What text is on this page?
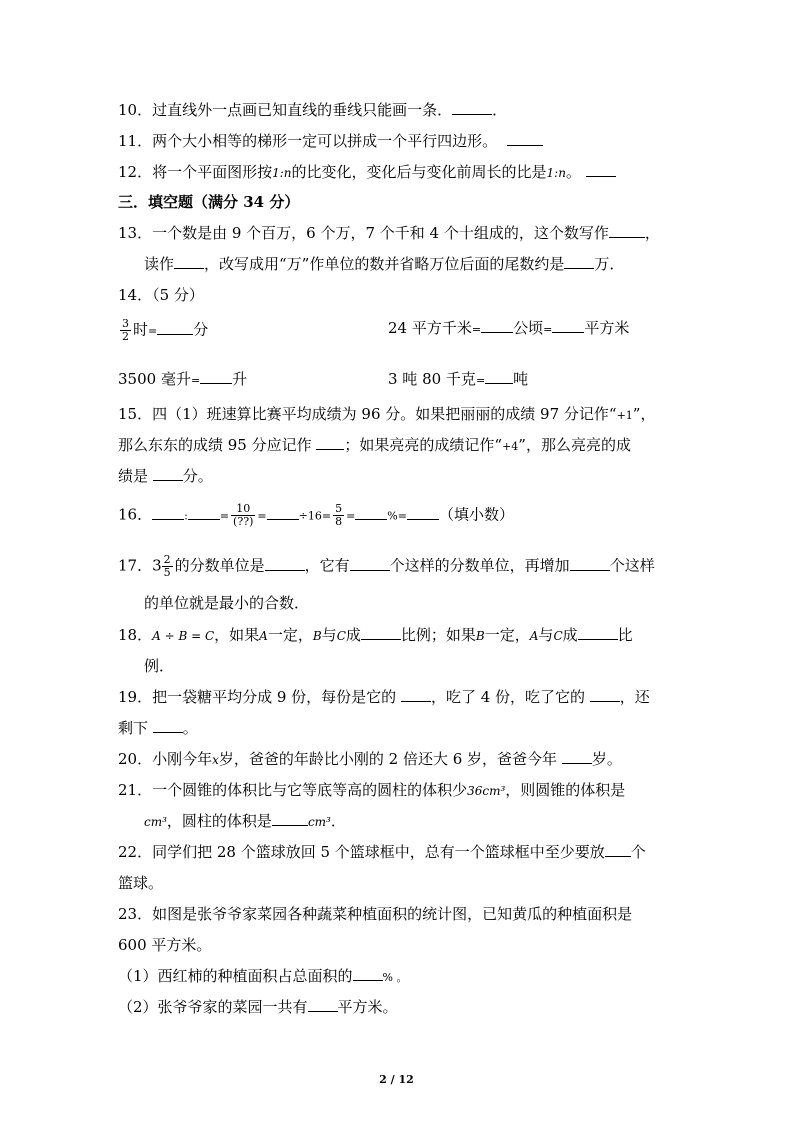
10．过直线外一点画已知直线的垂线只能画一条．	．
11．两个大小相等的梯形一定可以拼成一个平行四边形。
12．将一个平面图形按1:n的比变化，变化后与变化前周长的比是1:n。
三．填空题（满分 34 分）
13．一个数是由 9 个百万，6 个万，7 个千和 4 个十组成的，这个数写作 ，
读作 ，改写成用“万”作单位的数并省略万位后面的尾数约是 万．
14．（5 分）
$\frac{3}{2}$ 时= 分	24 平方千米= 公顷= 平方米
3500 毫升= 升	3 吨 80 千克= 吨
15．四（1）班速算比赛平均成绩为 96 分。如果把丽丽的成绩 97 分记作“+1”，
那么东东的成绩 95 分应记作 ；如果亮亮的成绩记作“+4”，那么亮亮的成
绩是 分。
16．	:	= $\frac{10}{(??)}$ =	$\div 16= \frac{5}{8}$ =	%= （填小数）
17．$3 \frac{2}{5}$ 的分数单位是	，它有	个这样的分数单位，再增加	个这样
的单位就是最小的合数．
18．A ÷ B = C，如果A一定，B与C成	比例；如果B一定，A与C成	比
例．
19．把一袋糖平均分成 9 份，每份是它的 ，吃了 4 份，吃了它的 ，还
剩下 。
20．小刚今年x岁，爸爸的年龄比小刚的 2 倍还大 6 岁，爸爸今年 岁。
21．一个圆锥的体积比与它等底等高的圆柱的体积少36cm³，则圆锥的体积是
cm³，圆柱的体积是	cm³．
22．同学们把 28 个篮球放回 5 个篮球框中，总有一个篮球框中至少要放 个
篮球。
23．如图是张爷爷家菜园各种蔬菜种植面积的统计图，已知黄瓜的种植面积是
600 平方米。
（1）西红柿的种植面积占总面积的	% 。
（2）张爷爷家的菜园一共有 平方米。
2 / 12
